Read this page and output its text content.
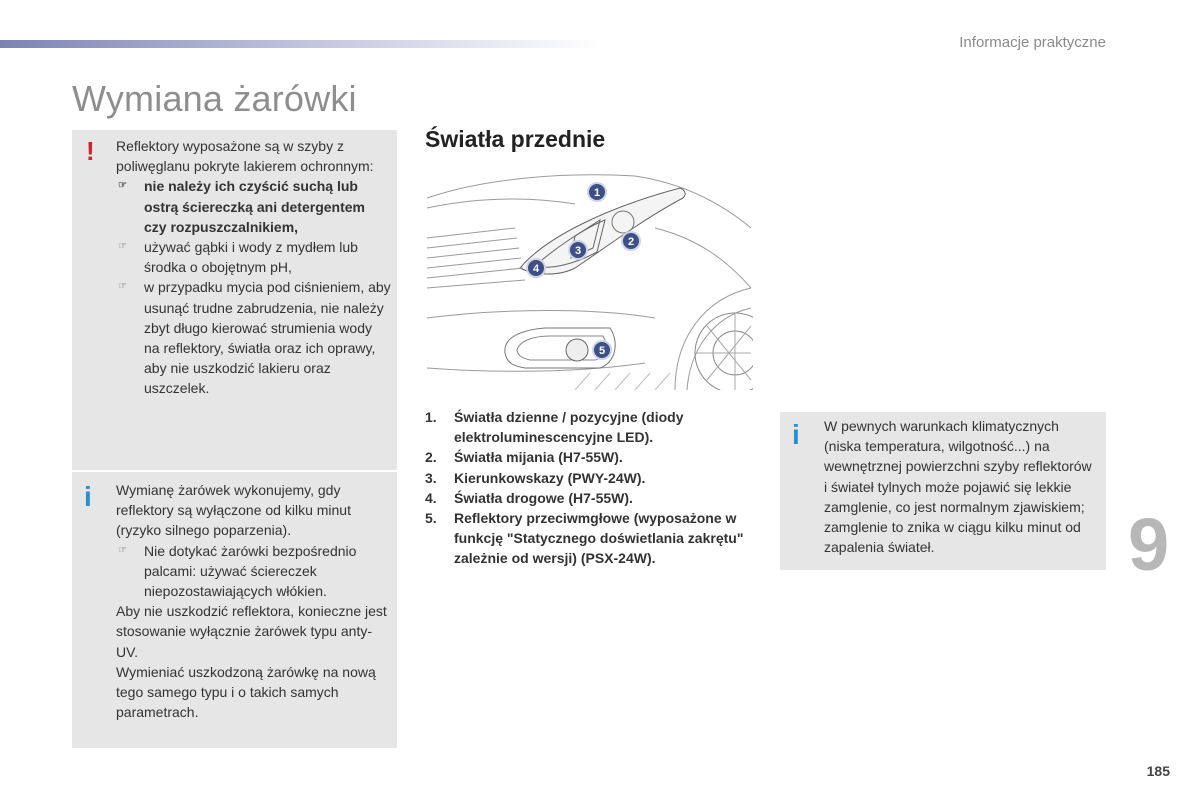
Informacje praktyczne
Wymiana żarówki
! Reflektory wyposażone są w szyby z poliwęglanu pokryte lakierem ochronnym:

☞ nie należy ich czyścić suchą lub ostrą ściereczką ani detergentem czy rozpuszczalnikiem,

☞ używać gąbki i wody z mydłem lub środka o obojętnym pH,

☞ w przypadku mycia pod ciśnieniem, aby usunąć trudne zabrudzenia, nie należy zbyt długo kierować strumienia wody na reflektory, światła oraz ich oprawy, aby nie uszkodzić lakieru oraz uszczelek.

i Wymianę żarówek wykonujemy, gdy reflektory są wyłączone od kilku minut (ryzyko silnego poparzenia).

☞ Nie dotykać żarówki bezpośrednio palcami: używać ściereczek niepozostawiających włókien.

Aby nie uszkodzić reflektora, konieczne jest stosowanie wyłącznie żarówek typu anty-UV.

Wymieniać uszkodzoną żarówkę na nową tego samego typu i o takich samych parametrach.

Światła przednie
1
2
3
4
5
1. Światła dzienne / pozycyjne (diody elektroluminescencyjne LED).
2. Światła mijania (H7-55W).
3. Kierunkowskazy (PWY-24W).
4. Światła drogowe (H7-55W).
5. Reflektory przeciwmgłowe (wyposażone w funkcję "Statycznego doświetlania zakrętu" zależnie od wersji) (PSX-24W).
i W pewnych warunkach klimatycznych (niska temperatura, wilgotność...) na wewnętrznej powierzchni szyby reflektorów i świateł tylnych może pojawić się lekkie zamglenie, co jest normalnym zjawiskiem; zamglenie to znika w ciągu kilku minut od zapalenia świateł.	9
185
